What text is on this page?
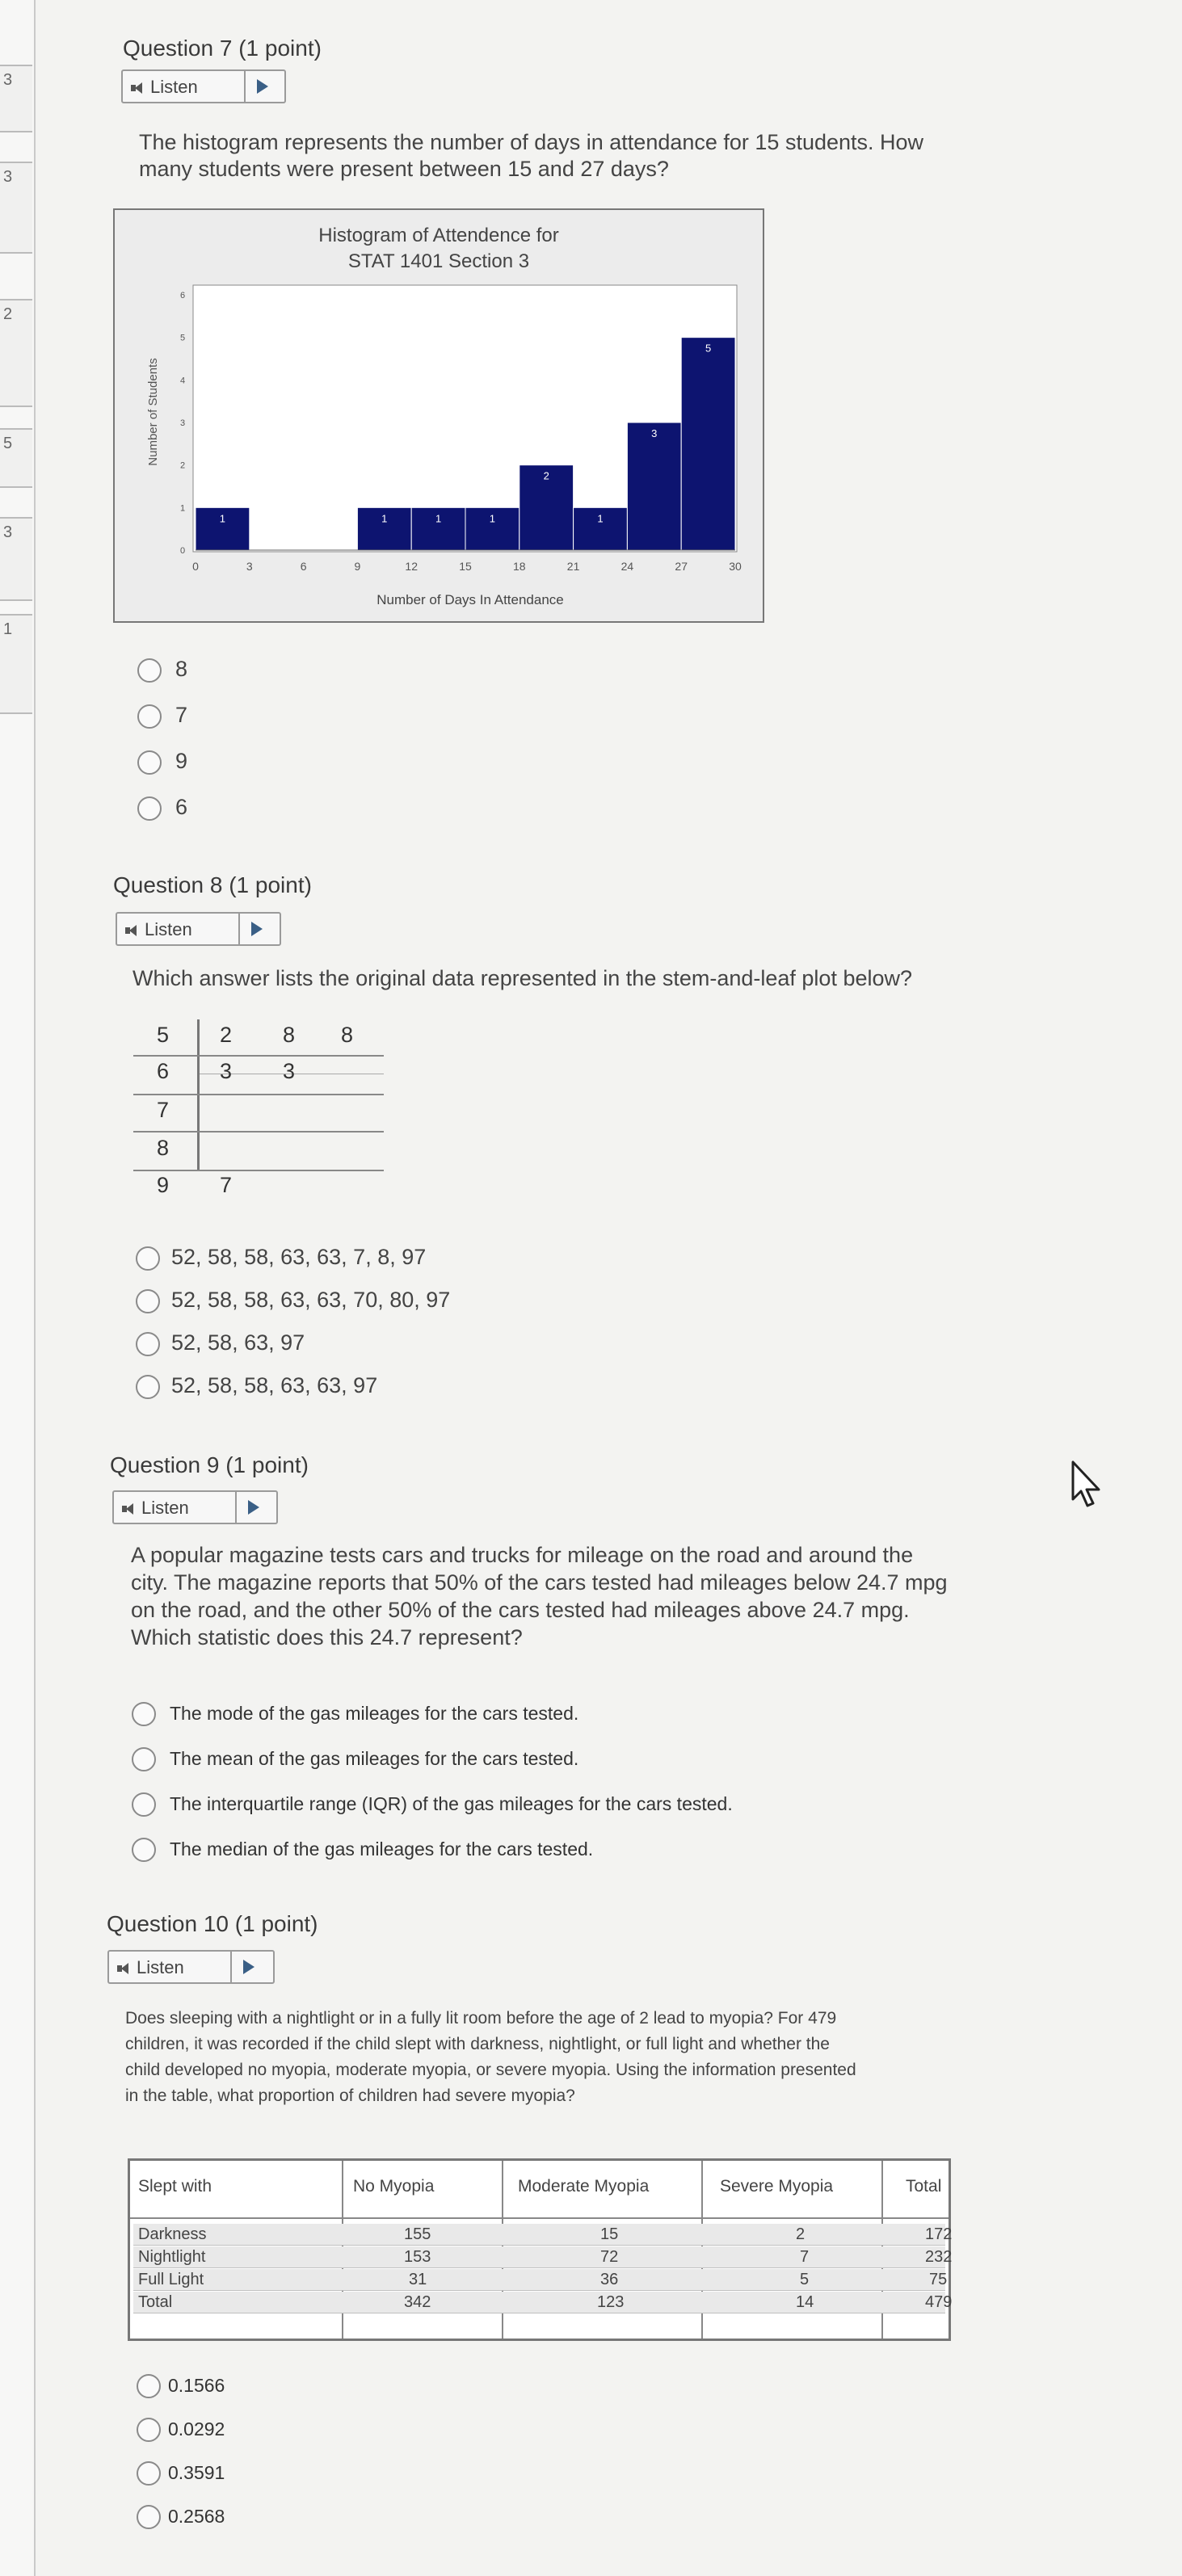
3
3
2
5
3
1
Question 7 (1 point)
Listen
The histogram represents the number of days in attendance for 15 students. How
many students were present between 15 and 27 days?
Histogram of Attendence for
STAT 1401 Section 3
Number of Students
Number of Days In Attendance
1	1	1	1
2
1
3
5
0	3	6	9	12	15	18	21	24	27	30
0
1
2
3
4
5
6
8
7
9
6
Question 8 (1 point)
Listen
Which answer lists the original data represented in the stem-and-leaf plot below?
5 2 8 8
6 3 3
7
8
9 7
52, 58, 58, 63, 63, 7, 8, 97
52, 58, 58, 63, 63, 70, 80, 97
52, 58, 63, 97
52, 58, 58, 63, 63, 97
Question 9 (1 point)
Listen
A popular magazine tests cars and trucks for mileage on the road and around the
city. The magazine reports that 50% of the cars tested had mileages below 24.7 mpg
on the road, and the other 50% of the cars tested had mileages above 24.7 mpg.
Which statistic does this 24.7 represent?
The mode of the gas mileages for the cars tested.
The mean of the gas mileages for the cars tested.
The interquartile range (IQR) of the gas mileages for the cars tested.
The median of the gas mileages for the cars tested.
Question 10 (1 point)
Listen
Does sleeping with a nightlight or in a fully lit room before the age of 2 lead to myopia? For 479
children, it was recorded if the child slept with darkness, nightlight, or full light and whether the
child developed no myopia, moderate myopia, or severe myopia. Using the information presented
in the table, what proportion of children had severe myopia?
Slept with	No Myopia	Moderate Myopia	Severe Myopia	Total
Darkness	155	15	2	172
Nightlight	153	72	7	232
Full Light	31	36	5	75
Total	342	123	14	479
0.1566
0.0292
0.3591
0.2568
